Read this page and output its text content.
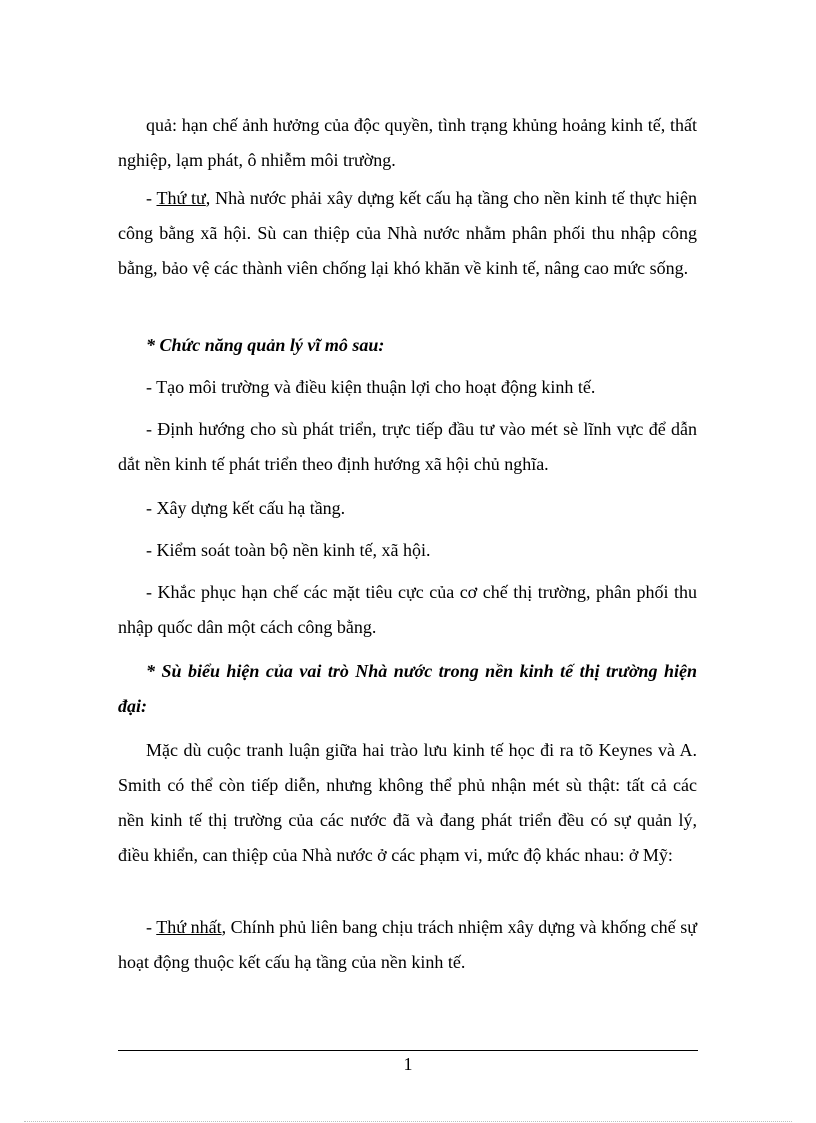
quả: hạn chế ảnh hưởng của độc quyền, tình trạng khủng hoảng kinh tế, thất nghiệp, lạm phát, ô nhiễm môi trường.

- Thứ tư, Nhà nước phải xây dựng kết cấu hạ tầng cho nền kinh tế thực hiện công bằng xã hội. Sù can thiệp của Nhà nước nhằm phân phối thu nhập công bằng, bảo vệ các thành viên chống lại khó khăn về kinh tế, nâng cao mức sống.

* Chức năng quản lý vĩ mô sau:

- Tạo môi trường và điều kiện thuận lợi cho hoạt động kinh tế.

- Định hướng cho sù phát triển, trực tiếp đầu tư vào mét sè lĩnh vực để dẫn dắt nền kinh tế phát triển theo định hướng xã hội chủ nghĩa.

- Xây dựng kết cấu hạ tầng.

- Kiểm soát toàn bộ nền kinh tế, xã hội.

- Khắc phục hạn chế các mặt tiêu cực của cơ chế thị trường, phân phối thu nhập quốc dân một cách công bằng.

* Sù biểu hiện của vai trò Nhà nước trong nền kinh tế thị trường hiện đại:

Mặc dù cuộc tranh luận giữa hai trào lưu kinh tế học đi ra tõ Keynes và A. Smith có thể còn tiếp diễn, nhưng không thể phủ nhận mét sù thật: tất cả các nền kinh tế thị trường của các nước đã và đang phát triển đều có sự quản lý, điều khiển, can thiệp của Nhà nước ở các phạm vi, mức độ khác nhau: ở Mỹ:

- Thứ nhất, Chính phủ liên bang chịu trách nhiệm xây dựng và khống chế sự hoạt động thuộc kết cấu hạ tầng của nền kinh tế.

1
